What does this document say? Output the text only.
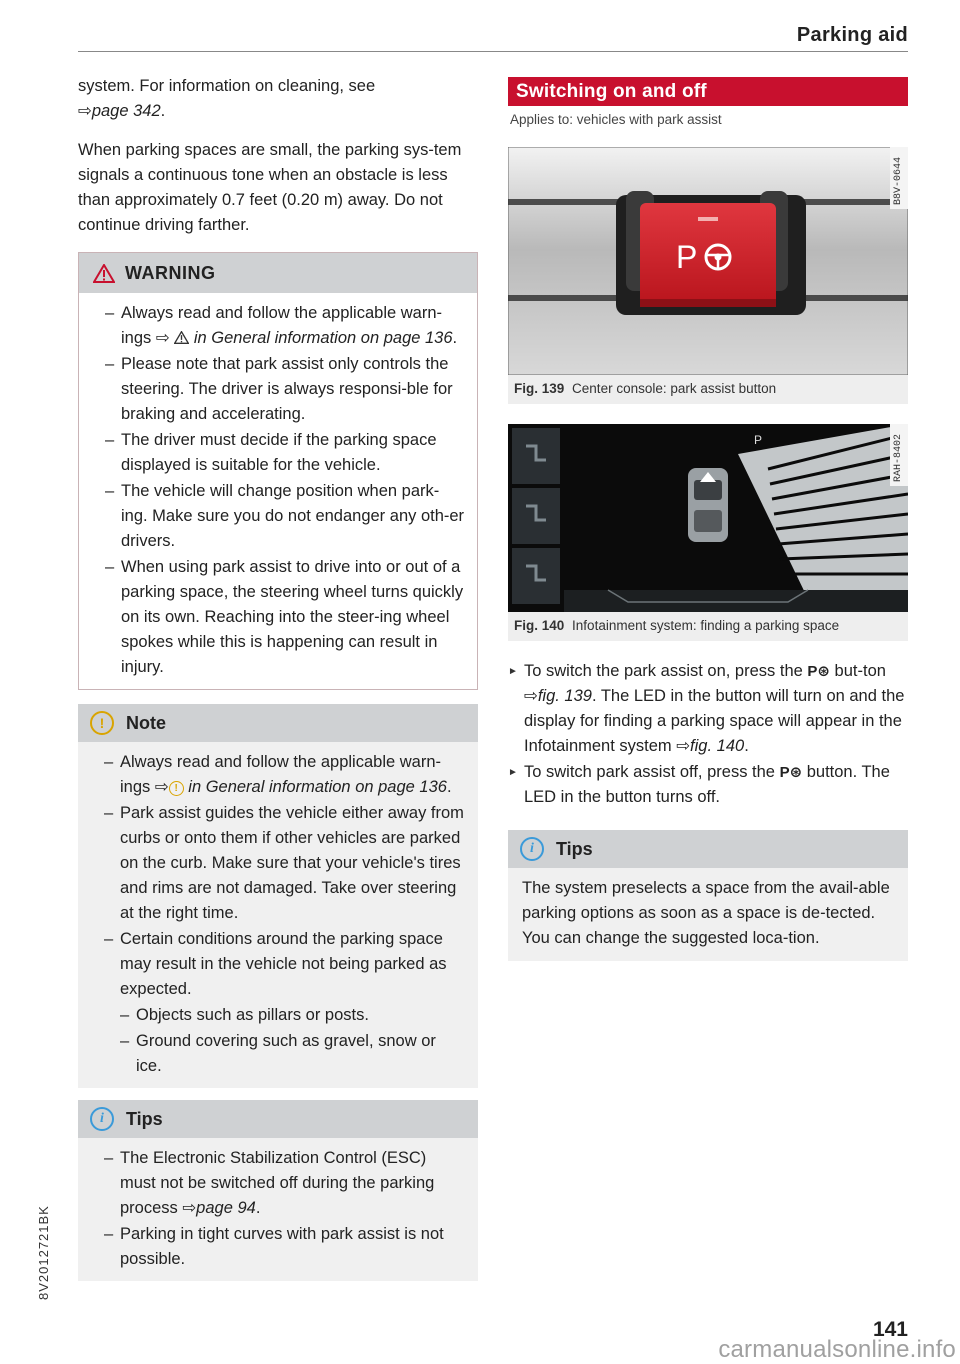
Parking aid

system. For information on cleaning, see
⇨page 342.

When parking spaces are small, the parking sys-tem signals a continuous tone when an obstacle is less than approximately 0.7 feet (0.20 m) away. Do not continue driving farther.

WARNING
– Always read and follow the applicable warn-ings ⇨  in General information on page 136.
– Please note that park assist only controls the steering. The driver is always responsi-ble for braking and accelerating.
– The driver must decide if the parking space displayed is suitable for the vehicle.
– The vehicle will change position when park-ing. Make sure you do not endanger any oth-er drivers.
– When using park assist to drive into or out of a parking space, the steering wheel turns quickly on its own. Reaching into the steer-ing wheel spokes while this is happening can result in injury.
!	Note
– Always read and follow the applicable warn-ings ⇨ ! in General information on page 136.
– Park assist guides the vehicle either away from curbs or onto them if other vehicles are parked on the curb. Make sure that your vehicle's tires and rims are not damaged. Take over steering at the right time.
– Certain conditions around the parking space may result in the vehicle not being parked as expected.
– Objects such as pillars or posts.
– Ground covering such as gravel, snow or ice.
i	Tips
– The Electronic Stabilization Control (ESC) must not be switched off during the parking process ⇨page 94.
– Parking in tight curves with park assist is not possible.
Switching on and off
Applies to: vehicles with park assist
P
B8V-0644
Fig. 139 Center console: park assist button
P	RAH-8402
Fig. 140 Infotainment system: finding a parking space
► To switch the park assist on, press the P⊛ but-ton ⇨fig. 139. The LED in the button will turn on and the display for finding a parking space will appear in the Infotainment system ⇨fig. 140.
► To switch park assist off, press the P⊛ button. The LED in the button turns off.
i	Tips

The system preselects a space from the avail-able parking options as soon as a space is de-tected. You can change the suggested loca-tion.

141
8V2012721BK
carmanualsonline.info
